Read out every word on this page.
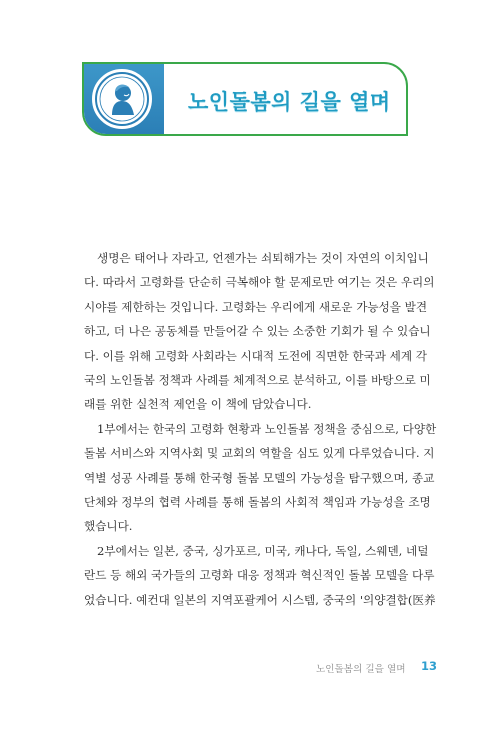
노인돌봄의 길을 열며

생명은 태어나 자라고, 언젠가는 쇠퇴해가는 것이 자연의 이치입니
다. 따라서 고령화를 단순히 극복해야 할 문제로만 여기는 것은 우리의
시야를 제한하는 것입니다. 고령화는 우리에게 새로운 가능성을 발견
하고, 더 나은 공동체를 만들어갈 수 있는 소중한 기회가 될 수 있습니
다. 이를 위해 고령화 사회라는 시대적 도전에 직면한 한국과 세계 각
국의 노인돌봄 정책과 사례를 체계적으로 분석하고, 이를 바탕으로 미
래를 위한 실천적 제언을 이 책에 담았습니다.

1부에서는 한국의 고령화 현황과 노인돌봄 정책을 중심으로, 다양한
돌봄 서비스와 지역사회 및 교회의 역할을 심도 있게 다루었습니다. 지
역별 성공 사례를 통해 한국형 돌봄 모델의 가능성을 탐구했으며, 종교
단체와 정부의 협력 사례를 통해 돌봄의 사회적 책임과 가능성을 조명
했습니다.

2부에서는 일본, 중국, 싱가포르, 미국, 캐나다, 독일, 스웨덴, 네덜
란드 등 해외 국가들의 고령화 대응 정책과 혁신적인 돌봄 모델을 다루
었습니다. 예컨대 일본의 지역포괄케어 시스템, 중국의 '의양결합(医养

노인돌봄의 길을 열며 13
